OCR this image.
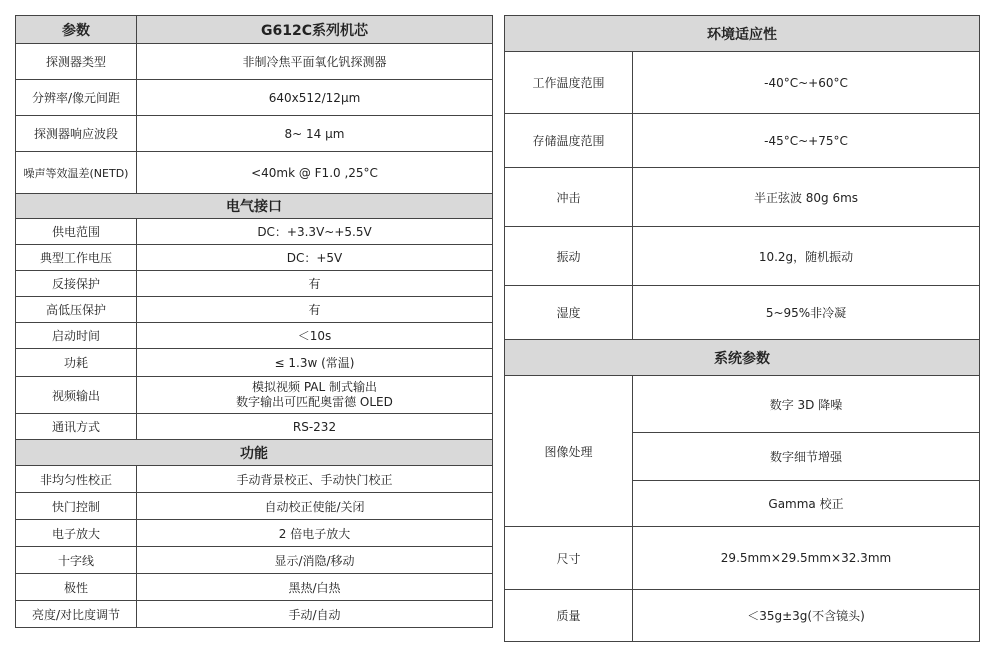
参数	G612C系列机芯
探测器类型	非制冷焦平面氧化钒探测器
分辨率/像元间距	640x512/12μm
探测器响应波段	8~ 14 μm
噪声等效温差(NETD)	<40mk @ F1.0 ,25°C
电气接口	
供电范围	DC：+3.3V~+5.5V
典型工作电压	DC：+5V
反接保护	有
高低压保护	有
启动时间	＜10s
功耗	≤ 1.3w (常温)
视频输出	模拟视频 PAL 制式输出
数字输出可匹配奥雷德 OLED

通讯方式	RS-232
功能	
非均匀性校正	手动背景校正、手动快门校正
快门控制	自动校正使能/关闭
电子放大	2 倍电子放大
十字线	显示/消隐/移动
极性	黑热/白热
亮度/对比度调节	手动/自动
环境适应性	
工作温度范围	-40°C~+60°C
存储温度范围	-45°C~+75°C
冲击	半正弦波 80g 6ms
振动	10.2g，随机振动
湿度	5~95%非冷凝
系统参数	
图像处理	数字 3D 降噪
	数字细节增强
	Gamma 校正
尺寸	29.5mm×29.5mm×32.3mm
质量	＜35g±3g(不含镜头)
